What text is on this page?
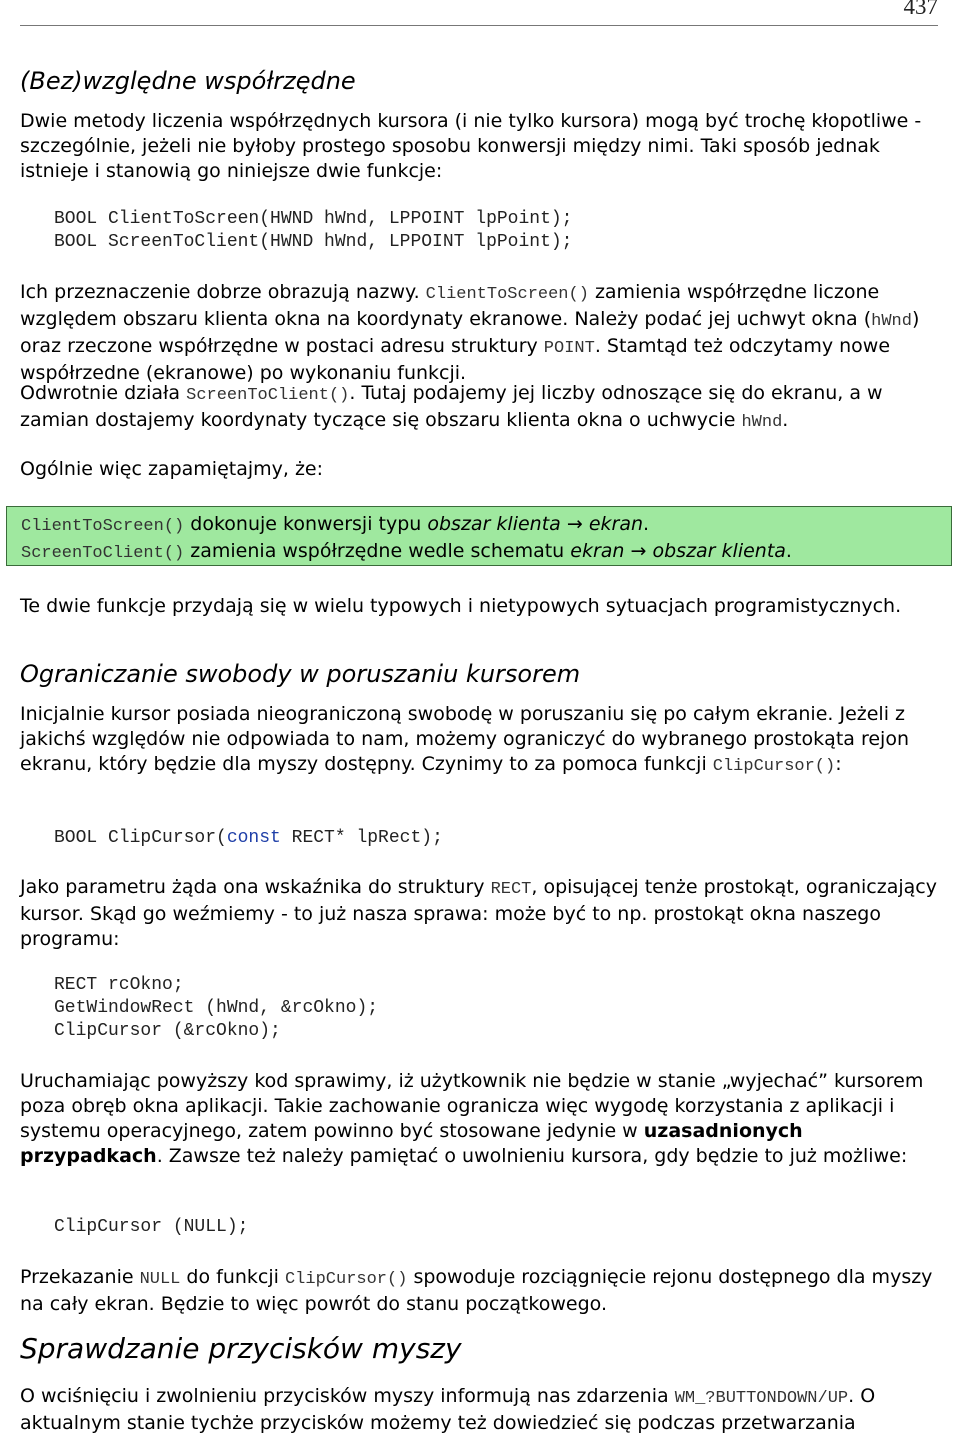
437
(Bez)względne współrzędne
Dwie metody liczenia współrzędnych kursora (i nie tylko kursora) mogą być trochę kłopotliwe - szczególnie, jeżeli nie byłoby prostego sposobu konwersji między nimi. Taki sposób jednak istnieje i stanowią go niniejsze dwie funkcje:
BOOL ClientToScreen(HWND hWnd, LPPOINT lpPoint);
BOOL ScreenToClient(HWND hWnd, LPPOINT lpPoint);
Ich przeznaczenie dobrze obrazują nazwy. ClientToScreen() zamienia współrzędne liczone względem obszaru klienta okna na koordynaty ekranowe. Należy podać jej uchwyt okna (hWnd) oraz rzeczone współrzędne w postaci adresu struktury POINT. Stamtąd też odczytamy nowe współrzedne (ekranowe) po wykonaniu funkcji.
Odwrotnie działa ScreenToClient(). Tutaj podajemy jej liczby odnoszące się do ekranu, a w zamian dostajemy koordynaty tyczące się obszaru klienta okna o uchwycie hWnd.
Ogólnie więc zapamiętajmy, że:
ClientToScreen() dokonuje konwersji typu obszar klienta → ekran.
ScreenToClient() zamienia współrzędne wedle schematu ekran → obszar klienta.
Te dwie funkcje przydają się w wielu typowych i nietypowych sytuacjach programistycznych.
Ograniczanie swobody w poruszaniu kursorem
Inicjalnie kursor posiada nieograniczoną swobodę w poruszaniu się po całym ekranie. Jeżeli z jakichś względów nie odpowiada to nam, możemy ograniczyć do wybranego prostokąta rejon ekranu, który będzie dla myszy dostępny. Czynimy to za pomoca funkcji ClipCursor():
BOOL ClipCursor(const RECT* lpRect);
Jako parametru żąda ona wskaźnika do struktury RECT, opisującej tenże prostokąt, ograniczający kursor. Skąd go weźmiemy - to już nasza sprawa: może być to np. prostokąt okna naszego programu:
RECT rcOkno;
GetWindowRect (hWnd, &rcOkno);
ClipCursor (&rcOkno);
Uruchamiając powyższy kod sprawimy, iż użytkownik nie będzie w stanie „wyjechać” kursorem poza obręb okna aplikacji. Takie zachowanie ogranicza więc wygodę korzystania z aplikacji i systemu operacyjnego, zatem powinno być stosowane jedynie w uzasadnionych przypadkach. Zawsze też należy pamiętać o uwolnieniu kursora, gdy będzie to już możliwe:
ClipCursor (NULL);
Przekazanie NULL do funkcji ClipCursor() spowoduje rozciągnięcie rejonu dostępnego dla myszy na cały ekran. Będzie to więc powrót do stanu początkowego.
Sprawdzanie przycisków myszy
O wciśnięciu i zwolnieniu przycisków myszy informują nas zdarzenia WM_?BUTTONDOWN/UP. O aktualnym stanie tychże przycisków możemy też dowiedzieć się podczas przetwarzania
